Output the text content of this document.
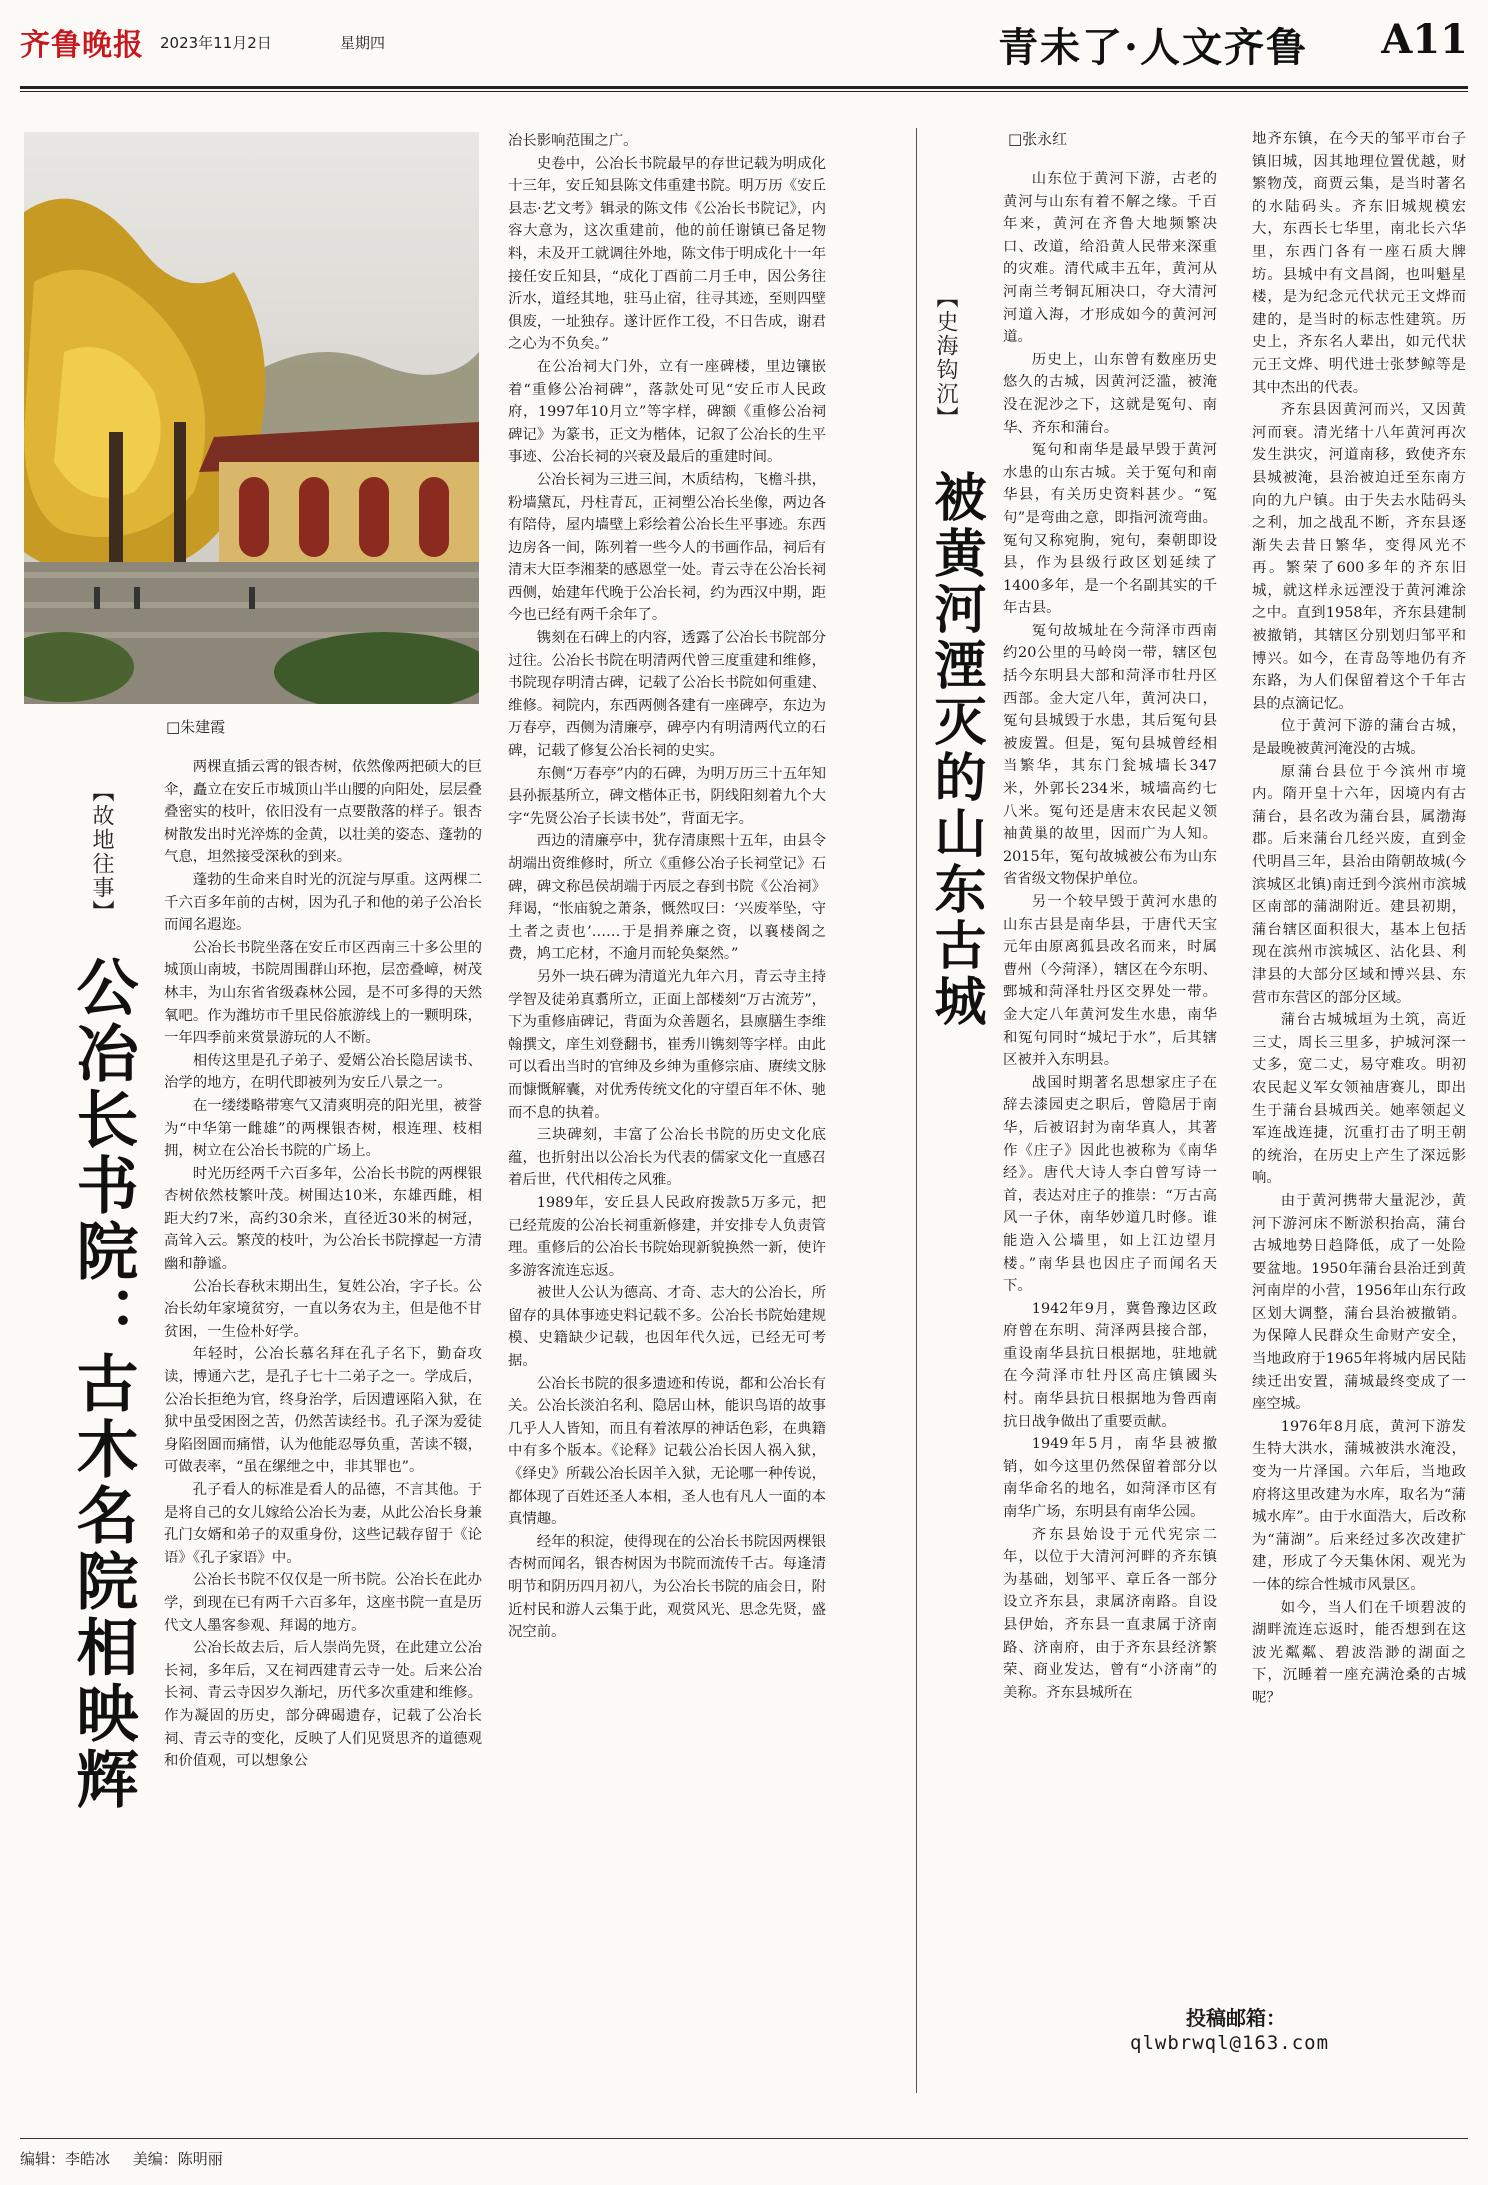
齐鲁晚报 2023年11月2日	星期四	青未了·人文齐鲁 A11
□朱建霞
【故地往事】
公冶长书院：古木名院相映辉

两棵直插云霄的银杏树，依然像两把硕大的巨伞，矗立在安丘市城顶山半山腰的向阳处，层层叠叠密实的枝叶，依旧没有一点要散落的样子。银杏树散发出时光淬炼的金黄，以壮美的姿态、蓬勃的气息，坦然接受深秋的到来。

蓬勃的生命来自时光的沉淀与厚重。这两棵二千六百多年前的古树，因为孔子和他的弟子公冶长而闻名遐迩。

公冶长书院坐落在安丘市区西南三十多公里的城顶山南坡，书院周围群山环抱，层峦叠嶂，树茂林丰，为山东省省级森林公园，是不可多得的天然氧吧。作为潍坊市千里民俗旅游线上的一颗明珠，一年四季前来赏景游玩的人不断。

相传这里是孔子弟子、爱婿公冶长隐居读书、治学的地方，在明代即被列为安丘八景之一。

在一缕缕略带寒气又清爽明亮的阳光里，被誉为“中华第一雌雄”的两棵银杏树，根连理、枝相拥，树立在公冶长书院的广场上。

时光历经两千六百多年，公冶长书院的两棵银杏树依然枝繁叶茂。树围达10米，东雄西雌，相距大约7米，高约30余米，直径近30米的树冠，高耸入云。繁茂的枝叶，为公冶长书院撑起一方清幽和静谧。

公冶长春秋末期出生，复姓公冶，字子长。公冶长幼年家境贫穷，一直以务农为主，但是他不甘贫困，一生俭朴好学。

年轻时，公冶长慕名拜在孔子名下，勤奋攻读，博通六艺，是孔子七十二弟子之一。学成后，公冶长拒绝为官，终身治学，后因遭诬陷入狱，在狱中虽受困囹之苦，仍然苦读经书。孔子深为爱徒身陷囹圄而痛惜，认为他能忍辱负重，苦读不辍，可做表率，“虽在缧绁之中，非其罪也”。

孔子看人的标准是看人的品德，不言其他。于是将自己的女儿嫁给公冶长为妻，从此公冶长身兼孔门女婿和弟子的双重身份，这些记载存留于《论语》《孔子家语》中。

公冶长书院不仅仅是一所书院。公冶长在此办学，到现在已有两千六百多年，这座书院一直是历代文人墨客参观、拜谒的地方。

公冶长故去后，后人崇尚先贤，在此建立公冶长祠，多年后，又在祠西建青云寺一处。后来公冶长祠、青云寺因岁久渐圮，历代多次重建和维修。作为凝固的历史，部分碑碣遗存，记载了公冶长祠、青云寺的变化，反映了人们见贤思齐的道德观和价值观，可以想象公

冶长影响范围之广。

史卷中，公冶长书院最早的存世记载为明成化十三年，安丘知县陈文伟重建书院。明万历《安丘县志·艺文考》辑录的陈文伟《公冶长书院记》，内容大意为，这次重建前，他的前任谢镇已备足物料，未及开工就调往外地，陈文伟于明成化十一年接任安丘知县，“成化丁酉前二月壬申，因公务往沂水，道经其地，驻马止宿，往寻其迹，至则四壁俱废，一址独存。遂计匠作工役，不日告成，谢君之心为不负矣。”

在公冶祠大门外，立有一座碑楼，里边镶嵌着“重修公冶祠碑”，落款处可见“安丘市人民政府，1997年10月立”等字样，碑额《重修公冶祠碑记》为篆书，正文为楷体，记叙了公冶长的生平事迹、公冶长祠的兴衰及最后的重建时间。

公冶长祠为三进三间，木质结构，飞檐斗拱，粉墙黛瓦，丹柱青瓦，正祠塑公冶长坐像，两边各有陪侍，屋内墙壁上彩绘着公冶长生平事迹。东西边房各一间，陈列着一些今人的书画作品，祠后有清末大臣李湘棻的感恩堂一处。青云寺在公冶长祠西侧，始建年代晚于公冶长祠，约为西汉中期，距今也已经有两千余年了。

镌刻在石碑上的内容，透露了公冶长书院部分过往。公冶长书院在明清两代曾三度重建和维修，书院现存明清古碑，记载了公冶长书院如何重建、维修。祠院内，东西两侧各建有一座碑亭，东边为万春亭，西侧为清廉亭，碑亭内有明清两代立的石碑，记载了修复公冶长祠的史实。

东侧“万春亭”内的石碑，为明万历三十五年知县孙振基所立，碑文楷体正书，阴线阳刻着九个大字“先贤公冶子长读书处”，背面无字。

西边的清廉亭中，犹存清康熙十五年，由县令胡端出资维修时，所立《重修公冶子长祠堂记》石碑，碑文称邑侯胡端于丙辰之春到书院《公冶祠》拜谒，“怅庙貌之萧条，慨然叹曰：‘兴废举坠，守土者之责也’……于是捐养廉之资，以襄楼阁之费，鸠工庀材，不逾月而轮奂粲然。”

另外一块石碑为清道光九年六月，青云寺主持学智及徒弟真翥所立，正面上部楼刻“万古流芳”，下为重修庙碑记，背面为众善题名，县廪膳生李维翰撰文，庠生刘登翻书，崔秀川镌刻等字样。由此可以看出当时的官绅及乡绅为重修宗庙、赓续文脉而慷慨解囊，对优秀传统文化的守望百年不休、驰而不息的执着。

三块碑刻，丰富了公冶长书院的历史文化底蕴，也折射出以公冶长为代表的儒家文化一直感召着后世，代代相传之风雅。

1989年，安丘县人民政府拨款5万多元，把已经荒废的公冶长祠重新修建，并安排专人负责管理。重修后的公冶长书院始现新貌换然一新，使许多游客流连忘返。

被世人公认为德高、才奇、志大的公冶长，所留存的具体事迹史料记载不多。公冶长书院始建规模、史籍缺少记载，也因年代久远，已经无可考据。

公冶长书院的很多遗迹和传说，都和公冶长有关。公冶长淡泊名利、隐居山林，能识鸟语的故事几乎人人皆知，而且有着浓厚的神话色彩，在典籍中有多个版本。《论释》记载公冶长因人祸入狱，《绎史》所载公冶长因羊入狱，无论哪一种传说，都体现了百姓还圣人本相，圣人也有凡人一面的本真情趣。

经年的积淀，使得现在的公冶长书院因两棵银杏树而闻名，银杏树因为书院而流传千古。每逢清明节和阴历四月初八，为公冶长书院的庙会日，附近村民和游人云集于此，观赏风光、思念先贤，盛况空前。

【史海钩沉】
被黄河湮灭的山东古城
□张永红

山东位于黄河下游，古老的黄河与山东有着不解之缘。千百年来，黄河在齐鲁大地频繁决口、改道，给沿黄人民带来深重的灾难。清代咸丰五年，黄河从河南兰考铜瓦厢决口，夺大清河河道入海，才形成如今的黄河河道。

历史上，山东曾有数座历史悠久的古城，因黄河泛滥，被淹没在泥沙之下，这就是冤句、南华、齐东和蒲台。

冤句和南华是最早毁于黄河水患的山东古城。关于冤句和南华县，有关历史资料甚少。“冤句”是弯曲之意，即指河流弯曲。冤句又称宛朐，宛句，秦朝即设县，作为县级行政区划延续了1400多年，是一个名副其实的千年古县。

冤句故城址在今菏泽市西南约20公里的马岭岗一带，辖区包括今东明县大部和菏泽市牡丹区西部。金大定八年，黄河决口，冤句县城毁于水患，其后冤句县被废置。但是，冤句县城曾经相当繁华，其东门瓮城墙长347米，外郭长234米，城墙高约七八米。冤句还是唐末农民起义领袖黄巢的故里，因而广为人知。2015年，冤句故城被公布为山东省省级文物保护单位。

另一个较早毁于黄河水患的山东古县是南华县，于唐代天宝元年由原离狐县改名而来，时属曹州（今菏泽），辖区在今东明、鄄城和菏泽牡丹区交界处一带。金大定八年黄河发生水患，南华和冤句同时“城圮于水”，后其辖区被并入东明县。

战国时期著名思想家庄子在辞去漆园吏之职后，曾隐居于南华，后被诏封为南华真人，其著作《庄子》因此也被称为《南华经》。唐代大诗人李白曾写诗一首，表达对庄子的推崇：“万古高风一子休，南华妙道几时修。谁能造入公墙里，如上江边望月楼。”南华县也因庄子而闻名天下。

1942年9月，冀鲁豫边区政府曾在东明、菏泽两县接合部，重设南华县抗日根据地，驻地就在今菏泽市牡丹区高庄镇國头村。南华县抗日根据地为鲁西南抗日战争做出了重要贡献。

1949年5月，南华县被撤销，如今这里仍然保留着部分以南华命名的地名，如菏泽市区有南华广场，东明县有南华公园。

齐东县始设于元代宪宗二年，以位于大清河河畔的齐东镇为基础，划邹平、章丘各一部分设立齐东县，隶属济南路。自设县伊始，齐东县一直隶属于济南路、济南府，由于齐东县经济繁荣、商业发达，曾有“小济南”的美称。齐东县城所在

地齐东镇，在今天的邹平市台子镇旧城，因其地理位置优越，财繁物茂，商贾云集，是当时著名的水陆码头。齐东旧城规模宏大，东西长七华里，南北长六华里，东西门各有一座石质大牌坊。县城中有文昌阁，也叫魁星楼，是为纪念元代状元王文烨而建的，是当时的标志性建筑。历史上，齐东名人辈出，如元代状元王文烨、明代进士张梦鲸等是其中杰出的代表。

齐东县因黄河而兴，又因黄河而衰。清光绪十八年黄河再次发生洪灾，河道南移，致使齐东县城被淹，县治被迫迁至东南方向的九户镇。由于失去水陆码头之利，加之战乱不断，齐东县逐渐失去昔日繁华，变得风光不再。繁荣了600多年的齐东旧城，就这样永远湮没于黄河滩涂之中。直到1958年，齐东县建制被撤销，其辖区分别划归邹平和博兴。如今，在青岛等地仍有齐东路，为人们保留着这个千年古县的点滴记忆。

位于黄河下游的蒲台古城，是最晚被黄河淹没的古城。

原蒲台县位于今滨州市境内。隋开皇十六年，因境内有古蒲台，县名改为蒲台县，属渤海郡。后来蒲台几经兴废，直到金代明昌三年，县治由隋朝故城(今滨城区北镇)南迁到今滨州市滨城区南部的蒲湖附近。建县初期，蒲台辖区面积很大，基本上包括现在滨州市滨城区、沾化县、利津县的大部分区域和博兴县、东营市东营区的部分区域。

蒲台古城城垣为土筑，高近三丈，周长三里多，护城河深一丈多，宽二丈，易守难攻。明初农民起义军女领袖唐赛儿，即出生于蒲台县城西关。她率领起义军连战连捷，沉重打击了明王朝的统治，在历史上产生了深远影响。

由于黄河携带大量泥沙，黄河下游河床不断淤积抬高，蒲台古城地势日趋降低，成了一处险要盆地。1950年蒲台县治迁到黄河南岸的小营，1956年山东行政区划大调整，蒲台县治被撤销。为保障人民群众生命财产安全，当地政府于1965年将城内居民陆续迁出安置，蒲城最终变成了一座空城。

1976年8月底，黄河下游发生特大洪水，蒲城被洪水淹没，变为一片泽国。六年后，当地政府将这里改建为水库，取名为“蒲城水库”。由于水面浩大，后改称为“蒲湖”。后来经过多次改建扩建，形成了今天集休闲、观光为一体的综合性城市风景区。

如今，当人们在千顷碧波的湖畔流连忘返时，能否想到在这波光粼粼、碧波浩渺的湖面之下，沉睡着一座充满沧桑的古城呢？

投稿邮箱：
qlwbrwql@163.com
编辑：李皓冰 美编：陈明丽
